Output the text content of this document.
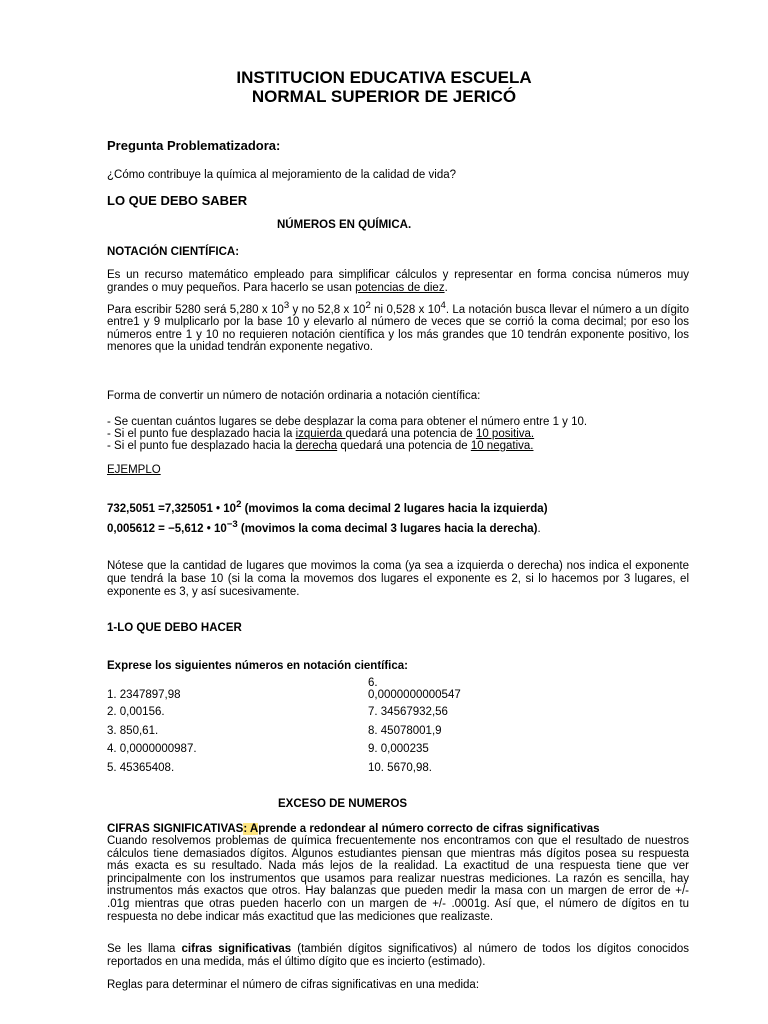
INSTITUCION EDUCATIVA ESCUELA
NORMAL SUPERIOR DE JERICÓ
Pregunta Problematizadora:
¿Cómo contribuye la química al mejoramiento de la calidad de vida?
LO QUE DEBO SABER
NÚMEROS EN QUÍMICA.
NOTACIÓN CIENTÍFICA:
Es un recurso matemático empleado para simplificar cálculos y representar en forma concisa números muy grandes o muy pequeños. Para hacerlo se usan potencias de diez.
Para escribir 5280 será 5,280 x $10^3$ y no 52,8 x $10^2$ ni 0,528 x $10^4$. La notación busca llevar el número a un dígito entre1 y 9 mulplicarlo por la base 10 y elevarlo al número de veces que se corrió la coma decimal; por eso los números entre 1 y 10 no requieren notación científica y los más grandes que 10 tendrán exponente positivo, los menores que la unidad tendrán exponente negativo.
Forma de convertir un número de notación ordinaria a notación científica:
- Se cuentan cuántos lugares se debe desplazar la coma para obtener el número entre 1 y 10.
- Si el punto fue desplazado hacia la izquierda quedará una potencia de 10 positiva.
- Si el punto fue desplazado hacia la derecha quedará una potencia de 10 negativa.
EJEMPLO
732,5051 =7,325051 • $10^2$ (movimos la coma decimal 2 lugares hacia la izquierda)
0,005612 = −5,612 • $10^{-3}$ (movimos la coma decimal 3 lugares hacia la derecha).
Nótese que la cantidad de lugares que movimos la coma (ya sea a izquierda o derecha) nos indica el exponente que tendrá la base 10 (si la coma la movemos dos lugares el exponente es 2, si lo hacemos por 3 lugares, el exponente es 3, y así sucesivamente.
1-LO QUE DEBO HACER
Exprese los siguientes números en notación científica:
1. 2347897,98
2. 0,00156.
3. 850,61.
4. 0,0000000987.
5. 45365408.
6.
0,0000000000547
7. 34567932,56
8. 45078001,9
9. 0,000235
10. 5670,98.
EXCESO DE NUMEROS
CIFRAS SIGNIFICATIVAS: Aprende a redondear al número correcto de cifras significativas
Cuando resolvemos problemas de química frecuentemente nos encontramos con que el resultado de nuestros cálculos tiene demasiados dígitos. Algunos estudiantes piensan que mientras más dígitos posea su respuesta más exacta es su resultado. Nada más lejos de la realidad. La exactitud de una respuesta tiene que ver principalmente con los instrumentos que usamos para realizar nuestras mediciones. La razón es sencilla, hay instrumentos más exactos que otros. Hay balanzas que pueden medir la masa con un margen de error de +/- .01g mientras que otras pueden hacerlo con un margen de +/- .0001g. Así que, el número de dígitos en tu respuesta no debe indicar más exactitud que las mediciones que realizaste.
Se les llama cifras significativas (también dígitos significativos) al número de todos los dígitos conocidos reportados en una medida, más el último dígito que es incierto (estimado).
Reglas para determinar el número de cifras significativas en una medida:
